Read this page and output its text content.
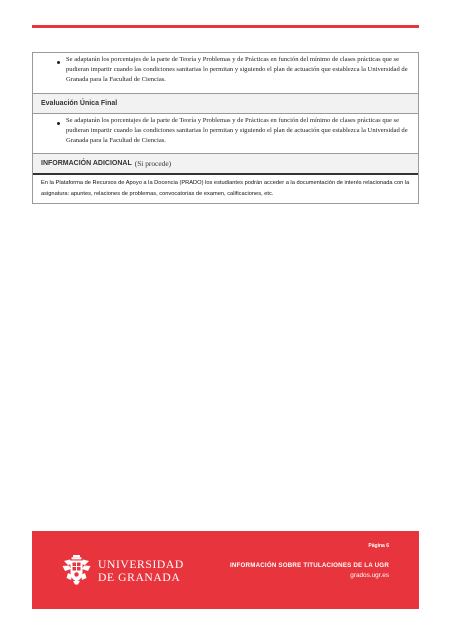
Se adaptarán los porcentajes de la parte de Teoría y Problemas y de Prácticas en función del mínimo de clases prácticas que se pudieran impartir cuando las condiciones sanitarias lo permitan y siguiendo el plan de actuación que establezca la Universidad de Granada para la Facultad de Ciencias.
Evaluación Única Final
Se adaptarán los porcentajes de la parte de Teoría y Problemas y de Prácticas en función del mínimo de clases prácticas que se pudieran impartir cuando las condiciones sanitarias lo permitan y siguiendo el plan de actuación que establezca la Universidad de Granada para la Facultad de Ciencias.
INFORMACIÓN ADICIONAL (Si procede)
En la Plataforma de Recursos de Apoyo a la Docencia (PRADO) los estudiantes podrán acceder a la documentación de interés relacionada con la asignatura: apuntes, relaciones de problemas, convocatorias de examen, calificaciones, etc.
UNIVERSIDAD
DE GRANADA
Página 6
INFORMACIÓN SOBRE TITULACIONES DE LA UGR
grados.ugr.es
